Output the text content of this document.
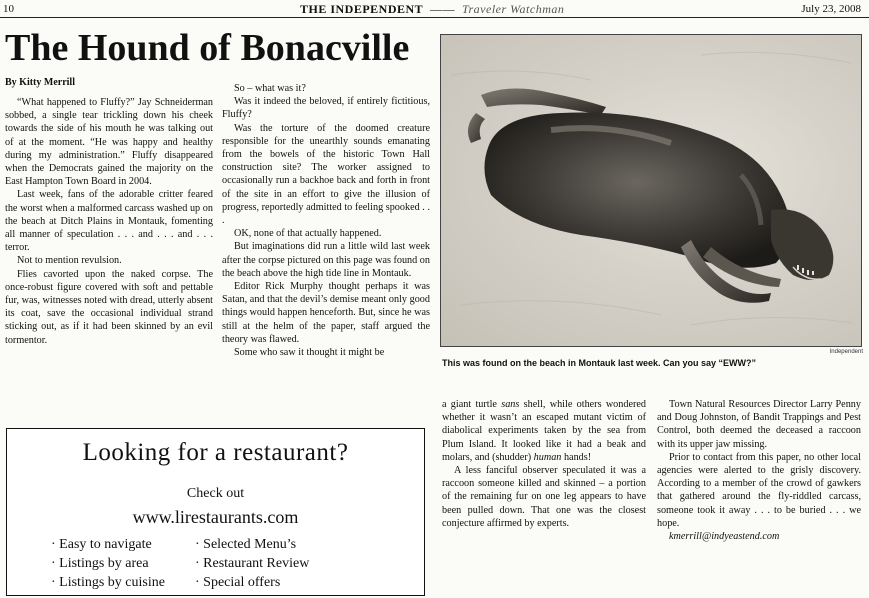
10	THE INDEPENDENT  ——  Traveler Watchman	July 23, 2008
The Hound of Bonacville
By Kitty Merrill

“What happened to Fluffy?” Jay Schneiderman sobbed, a single tear trickling down his cheek towards the side of his mouth he was talking out of at the moment. “He was happy and healthy during my administration.” Fluffy disappeared when the Democrats gained the majority on the East Hampton Town Board in 2004.

Last week, fans of the adorable critter feared the worst when a malformed carcass washed up on the beach at Ditch Plains in Montauk, fomenting all manner of speculation . . . and . . . and . . . terror.

Not to mention revulsion.

Flies cavorted upon the naked corpse. The once-robust figure covered with soft and pettable fur, was, witnesses noted with dread, utterly absent its coat, save the occasional individual strand sticking out, as if it had been skinned by an evil tormentor.

So – what was it?

Was it indeed the beloved, if entirely fictitious, Fluffy?

Was the torture of the doomed creature responsible for the unearthly sounds emanating from the bowels of the historic Town Hall construction site? The worker assigned to occasionally run a backhoe back and forth in front of the site in an effort to give the illusion of progress, reportedly admitted to feeling spooked . . .

OK, none of that actually happened.

But imaginations did run a little wild last week after the corpse pictured on this page was found on the beach above the high tide line in Montauk.

Editor Rick Murphy thought perhaps it was Satan, and that the devil’s demise meant only good things would happen henceforth. But, since he was still at the helm of the paper, staff argued the theory was flawed.

Some who saw it thought it might be	Independent
This was found on the beach in Montauk last week. Can you say “EWW?”

a giant turtle sans shell, while others wondered whether it wasn’t an escaped mutant victim of diabolical experiments taken by the sea from Plum Island. It looked like it had a beak and molars, and (shudder) human hands!

A less fanciful observer speculated it was a raccoon someone killed and skinned – a portion of the remaining fur on one leg appears to have been pulled down. That one was the closest conjecture affirmed by experts.

Town Natural Resources Director Larry Penny and Doug Johnston, of Bandit Trappings and Pest Control, both deemed the deceased a raccoon with its upper jaw missing.

Prior to contact from this paper, no other local agencies were alerted to the grisly discovery. According to a member of the crowd of gawkers that gathered around the fly-riddled carcass, someone took it away . . . to be buried . . . we hope.

kmerrill@indyeastend.com

Looking for a restaurant?
Check out
www.lirestaurants.com
· Easy to navigate
· Listings by area
· Listings by cuisine
· Selected Menu’s
· Restaurant Review
· Special offers
